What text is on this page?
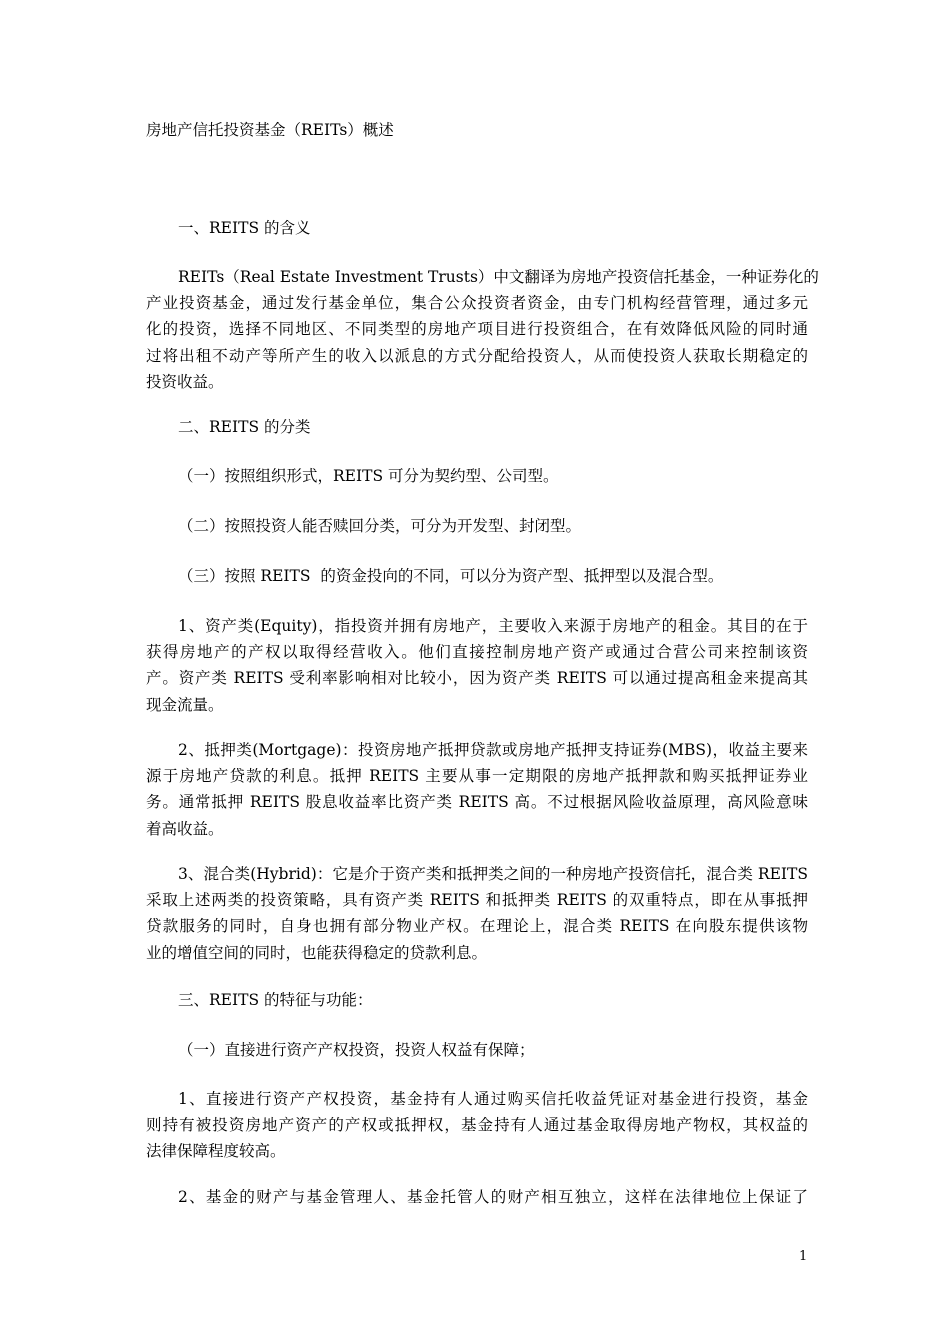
房地产信托投资基金（REITs）概述
一、REITS 的含义
REITs（Real Estate Investment Trusts）中文翻译为房地产投资信托基金，一种证券化的
产业投资基金，通过发行基金单位，集合公众投资者资金，由专门机构经营管理，通过多元
化的投资，选择不同地区、不同类型的房地产项目进行投资组合，在有效降低风险的同时通
过将出租不动产等所产生的收入以派息的方式分配给投资人，从而使投资人获取长期稳定的
投资收益。
二、REITS 的分类
（一）按照组织形式，REITS 可分为契约型、公司型。
（二）按照投资人能否赎回分类，可分为开发型、封闭型。
（三）按照 REITS  的资金投向的不同，可以分为资产型、抵押型以及混合型。
1、资产类(Equity)，指投资并拥有房地产，主要收入来源于房地产的租金。其目的在于
获得房地产的产权以取得经营收入。他们直接控制房地产资产或通过合营公司来控制该资
产。资产类 REITS 受利率影响相对比较小，因为资产类 REITS 可以通过提高租金来提高其
现金流量。
2、抵押类(Mortgage)：投资房地产抵押贷款或房地产抵押支持证券(MBS)，收益主要来
源于房地产贷款的利息。抵押 REITS 主要从事一定期限的房地产抵押款和购买抵押证券业
务。通常抵押 REITS 股息收益率比资产类 REITS 高。不过根据风险收益原理，高风险意味
着高收益。
3、混合类(Hybrid)：它是介于资产类和抵押类之间的一种房地产投资信托，混合类 REITS
采取上述两类的投资策略，具有资产类 REITS 和抵押类 REITS 的双重特点，即在从事抵押
贷款服务的同时，自身也拥有部分物业产权。在理论上，混合类 REITS 在向股东提供该物
业的增值空间的同时，也能获得稳定的贷款利息。
三、REITS 的特征与功能：
（一）直接进行资产产权投资，投资人权益有保障；
1、直接进行资产产权投资，基金持有人通过购买信托收益凭证对基金进行投资，基金
则持有被投资房地产资产的产权或抵押权，基金持有人通过基金取得房地产物权，其权益的
法律保障程度较高。
2、基金的财产与基金管理人、基金托管人的财产相互独立，这样在法律地位上保证了
1
